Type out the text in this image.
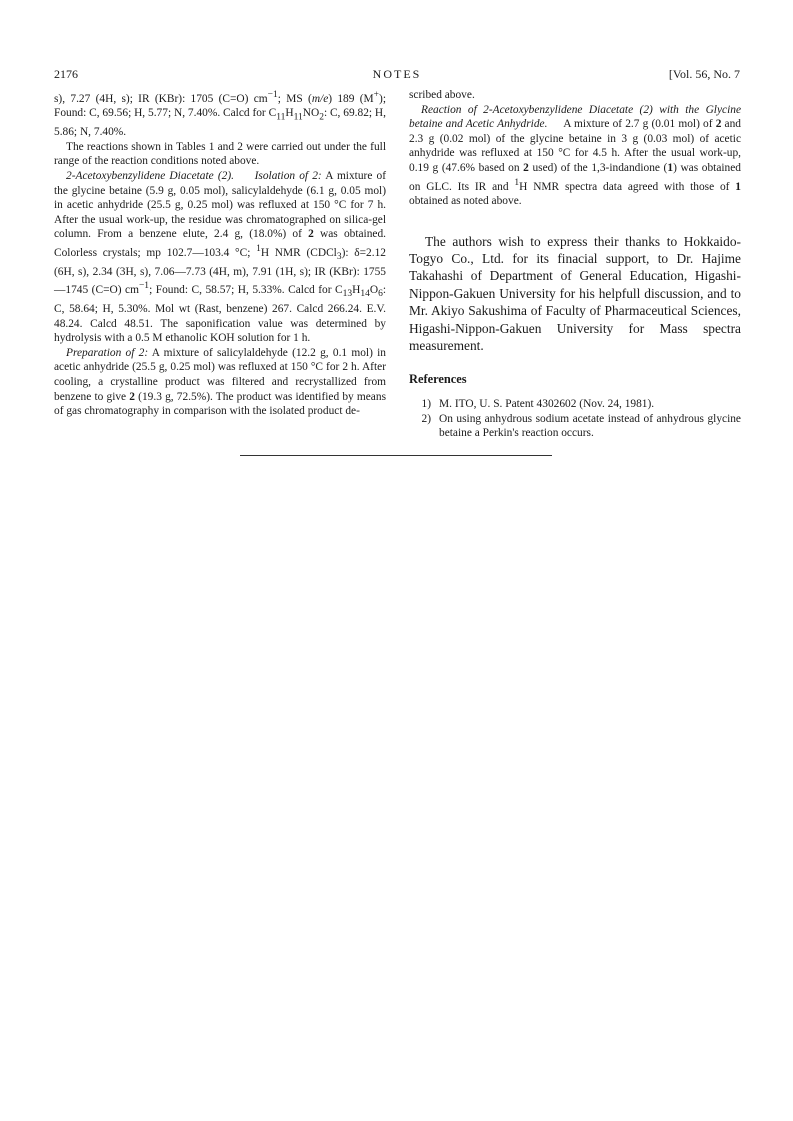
2176	NOTES	[Vol. 56, No. 7

s), 7.27 (4H, s); IR (KBr): 1705 (C=O) $cm^{-1}$; MS (m/e) 189 (M+); Found: C, 69.56; H, 5.77; N, 7.40%. Calcd for $C_{11}H_{11}NO_2$: C, 69.82; H, 5.86; N, 7.40%.

The reactions shown in Tables 1 and 2 were carried out under the full range of the reaction conditions noted above.

2-Acetoxybenzylidene Diacetate (2). Isolation of 2: A mixture of the glycine betaine (5.9 g, 0.05 mol), salicylaldehyde (6.1 g, 0.05 mol) in acetic anhydride (25.5 g, 0.25 mol) was refluxed at 150 °C for 7 h. After the usual work-up, the residue was chromatographed on silica-gel column. From a benzene elute, 2.4 g, (18.0%) of 2 was obtained. Colorless crystals; mp 102.7—103.4 °C; $^1$H NMR (CDCl$_3$): δ=2.12 (6H, s), 2.34 (3H, s), 7.06—7.73 (4H, m), 7.91 (1H, s); IR (KBr): 1755—1745 (C=O) $cm^{-1}$; Found: C, 58.57; H, 5.33%. Calcd for $C_{13}H_{14}O_6$: C, 58.64; H, 5.30%. Mol wt (Rast, benzene) 267. Calcd 266.24. E.V. 48.24. Calcd 48.51. The saponification value was determined by hydrolysis with a 0.5 M ethanolic KOH solution for 1 h.

Preparation of 2: A mixture of salicylaldehyde (12.2 g, 0.1 mol) in acetic anhydride (25.5 g, 0.25 mol) was refluxed at 150 °C for 2 h. After cooling, a crystalline product was filtered and recrystallized from benzene to give 2 (19.3 g, 72.5%). The product was identified by means of gas chromatography in comparison with the isolated product de-

scribed above.

Reaction of 2-Acetoxybenzylidene Diacetate (2) with the Glycine betaine and Acetic Anhydride. A mixture of 2.7 g (0.01 mol) of 2 and 2.3 g (0.02 mol) of the glycine betaine in 3 g (0.03 mol) of acetic anhydride was refluxed at 150 °C for 4.5 h. After the usual work-up, 0.19 g (47.6% based on 2 used) of the 1,3-indandione (1) was obtained on GLC. Its IR and $^1$H NMR spectra data agreed with those of 1 obtained as noted above.

The authors wish to express their thanks to Hokkaido-Togyo Co., Ltd. for its finacial support, to Dr. Hajime Takahashi of Department of General Education, Higashi-Nippon-Gakuen University for his helpfull discussion, and to Mr. Akiyo Sakushima of Faculty of Pharmaceutical Sciences, Higashi-Nippon-Gakuen University for Mass spectra measurement.

References
1) M. ITO, U. S. Patent 4302602 (Nov. 24, 1981).
2) On using anhydrous sodium acetate instead of anhydrous glycine betaine a Perkin's reaction occurs.
